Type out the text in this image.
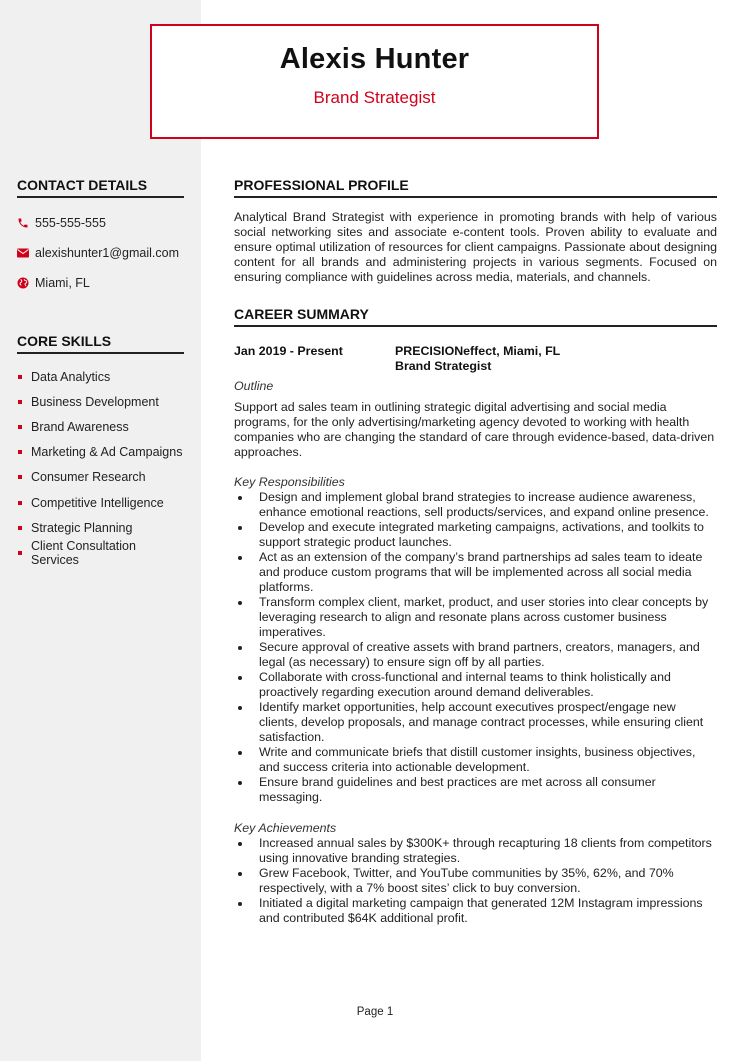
Alexis Hunter
Brand Strategist
CONTACT DETAILS
555-555-555
alexishunter1@gmail.com
Miami, FL
CORE SKILLS
Data Analytics
Business Development
Brand Awareness
Marketing & Ad Campaigns
Consumer Research
Competitive Intelligence
Strategic Planning
Client Consultation Services
PROFESSIONAL PROFILE

Analytical Brand Strategist with experience in promoting brands with help of various social networking sites and associate e-content tools. Proven ability to evaluate and ensure optimal utilization of resources for client campaigns. Passionate about designing content for all brands and administering projects in various segments. Focused on ensuring compliance with guidelines across media, materials, and channels.

CAREER SUMMARY
Jan 2019 - Present	PRECISIONeffect, Miami, FL
Brand Strategist
Outline

Support ad sales team in outlining strategic digital advertising and social media programs, for the only advertising/marketing agency devoted to working with health companies who are changing the standard of care through evidence-based, data-driven approaches.

Key Responsibilities
Design and implement global brand strategies to increase audience awareness, enhance emotional reactions, sell products/services, and expand online presence.
Develop and execute integrated marketing campaigns, activations, and toolkits to support strategic product launches.
Act as an extension of the company’s brand partnerships ad sales team to ideate and produce custom programs that will be implemented across all social media platforms.
Transform complex client, market, product, and user stories into clear concepts by leveraging research to align and resonate plans across customer business imperatives.
Secure approval of creative assets with brand partners, creators, managers, and legal (as necessary) to ensure sign off by all parties.
Collaborate with cross-functional and internal teams to think holistically and proactively regarding execution around demand deliverables.
Identify market opportunities, help account executives prospect/engage new clients, develop proposals, and manage contract processes, while ensuring client satisfaction.
Write and communicate briefs that distill customer insights, business objectives, and success criteria into actionable development.
Ensure brand guidelines and best practices are met across all consumer messaging.
Key Achievements
Increased annual sales by $300K+ through recapturing 18 clients from competitors using innovative branding strategies.
Grew Facebook, Twitter, and YouTube communities by 35%, 62%, and 70% respectively, with a 7% boost sites’ click to buy conversion.
Initiated a digital marketing campaign that generated 12M Instagram impressions and contributed $64K additional profit.
Page 1
